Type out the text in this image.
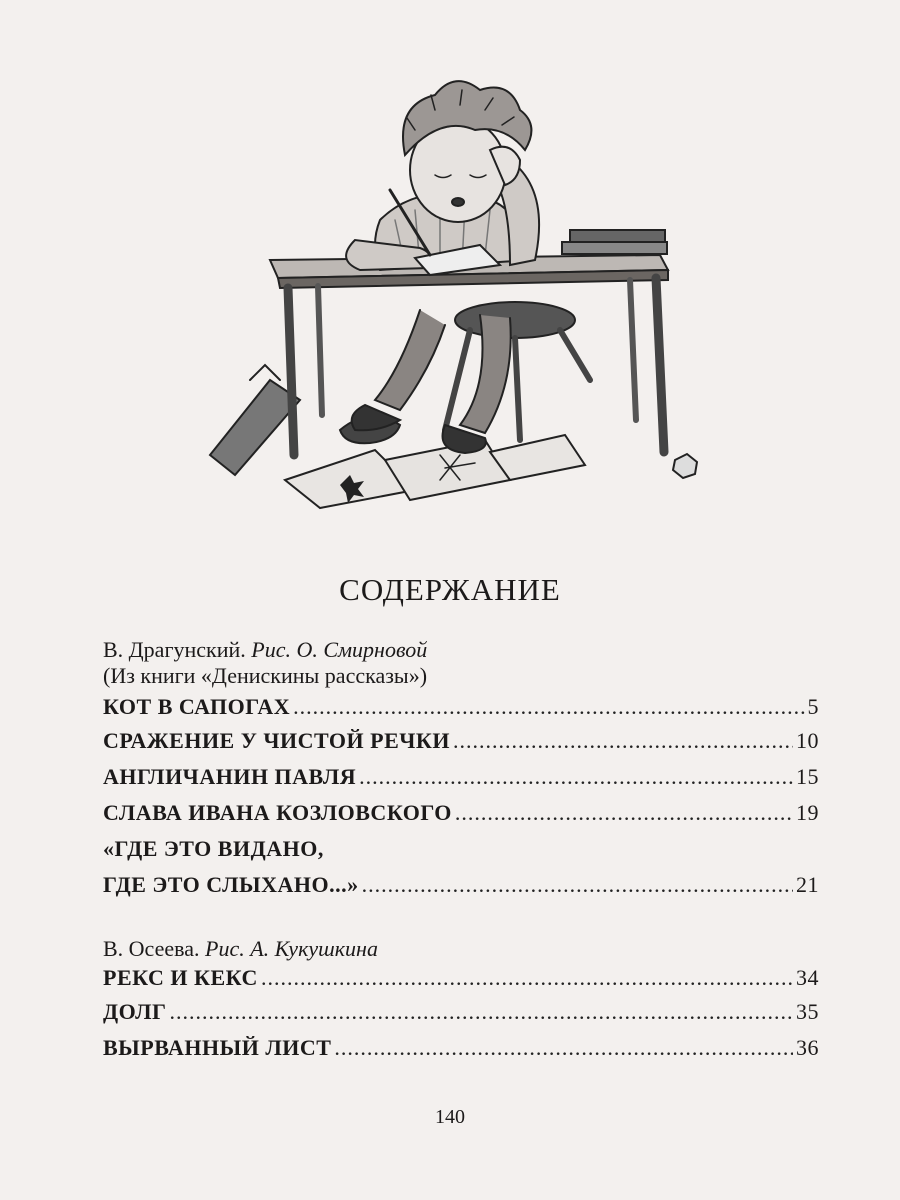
СОДЕРЖАНИЕ
В. Драгунский. Рис. О. Смирновой
(Из книги «Денискины рассказы»)
КОТ В САПОГАХ .....	5
СРАЖЕНИЕ У ЧИСТОЙ РЕЧКИ .....	10
АНГЛИЧАНИН ПАВЛЯ .....	15
СЛАВА ИВАНА КОЗЛОВСКОГО .....	19
«ГДЕ ЭТО ВИДАНО,
ГДЕ ЭТО СЛЫХАНО...» .....	21
В. Осеева. Рис. А. Кукушкина
РЕКС И КЕКС .....	34
ДОЛГ .....	35
ВЫРВАННЫЙ ЛИСТ .....	36
140
